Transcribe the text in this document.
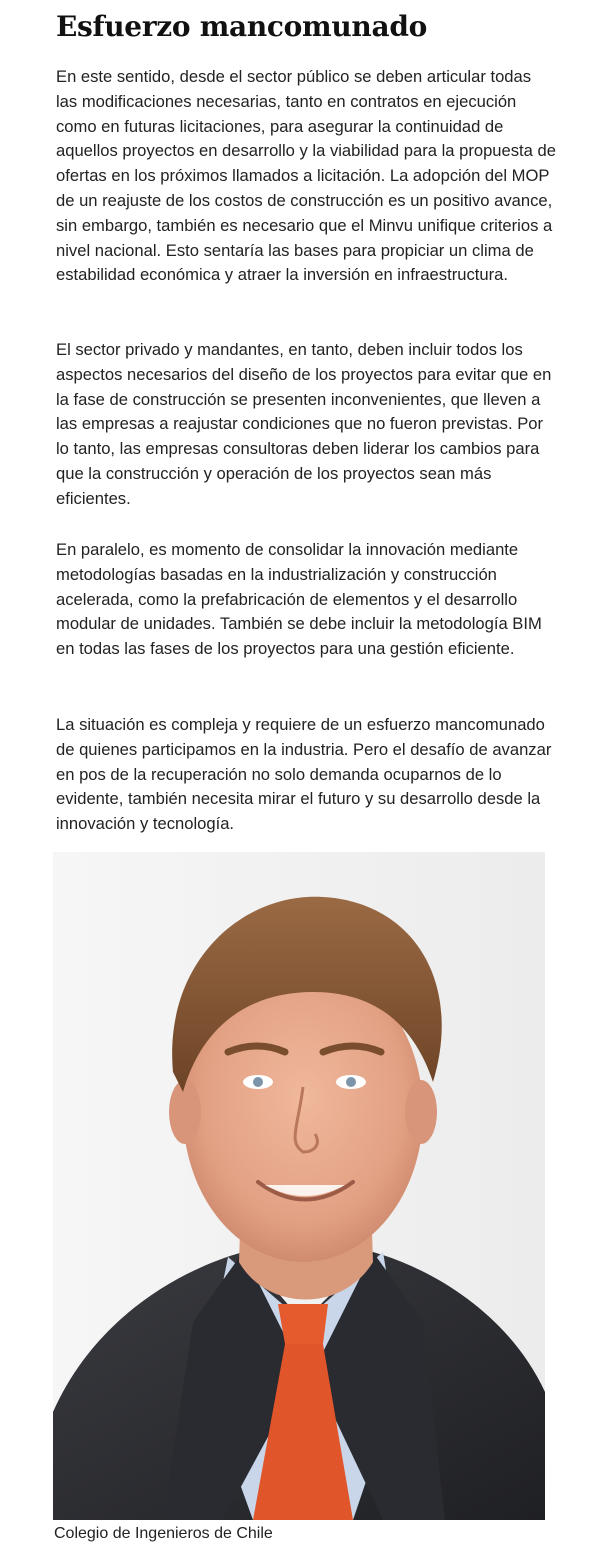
Esfuerzo mancomunado

En este sentido, desde el sector público se deben articular todas las modificaciones necesarias, tanto en contratos en ejecución como en futuras licitaciones, para asegurar la continuidad de aquellos proyectos en desarrollo y la viabilidad para la propuesta de ofertas en los próximos llamados a licitación. La adopción del MOP de un reajuste de los costos de construcción es un positivo avance, sin embargo, también es necesario que el Minvu unifique criterios a nivel nacional. Esto sentaría las bases para propiciar un clima de estabilidad económica y atraer la inversión en infraestructura.

El sector privado y mandantes, en tanto, deben incluir todos los aspectos necesarios del diseño de los proyectos para evitar que en la fase de construcción se presenten inconvenientes, que lleven a las empresas a reajustar condiciones que no fueron previstas. Por lo tanto, las empresas consultoras deben liderar los cambios para que la construcción y operación de los proyectos sean más eficientes.

En paralelo, es momento de consolidar la innovación mediante metodologías basadas en la industrialización y construcción acelerada, como la prefabricación de elementos y el desarrollo modular de unidades. También se debe incluir la metodología BIM en todas las fases de los proyectos para una gestión eficiente.

La situación es compleja y requiere de un esfuerzo mancomunado de quienes participamos en la industria. Pero el desafío de avanzar en pos de la recuperación no solo demanda ocuparnos de lo evidente, también necesita mirar el futuro y su desarrollo desde la innovación y tecnología.

Colegio de Ingenieros de Chile
